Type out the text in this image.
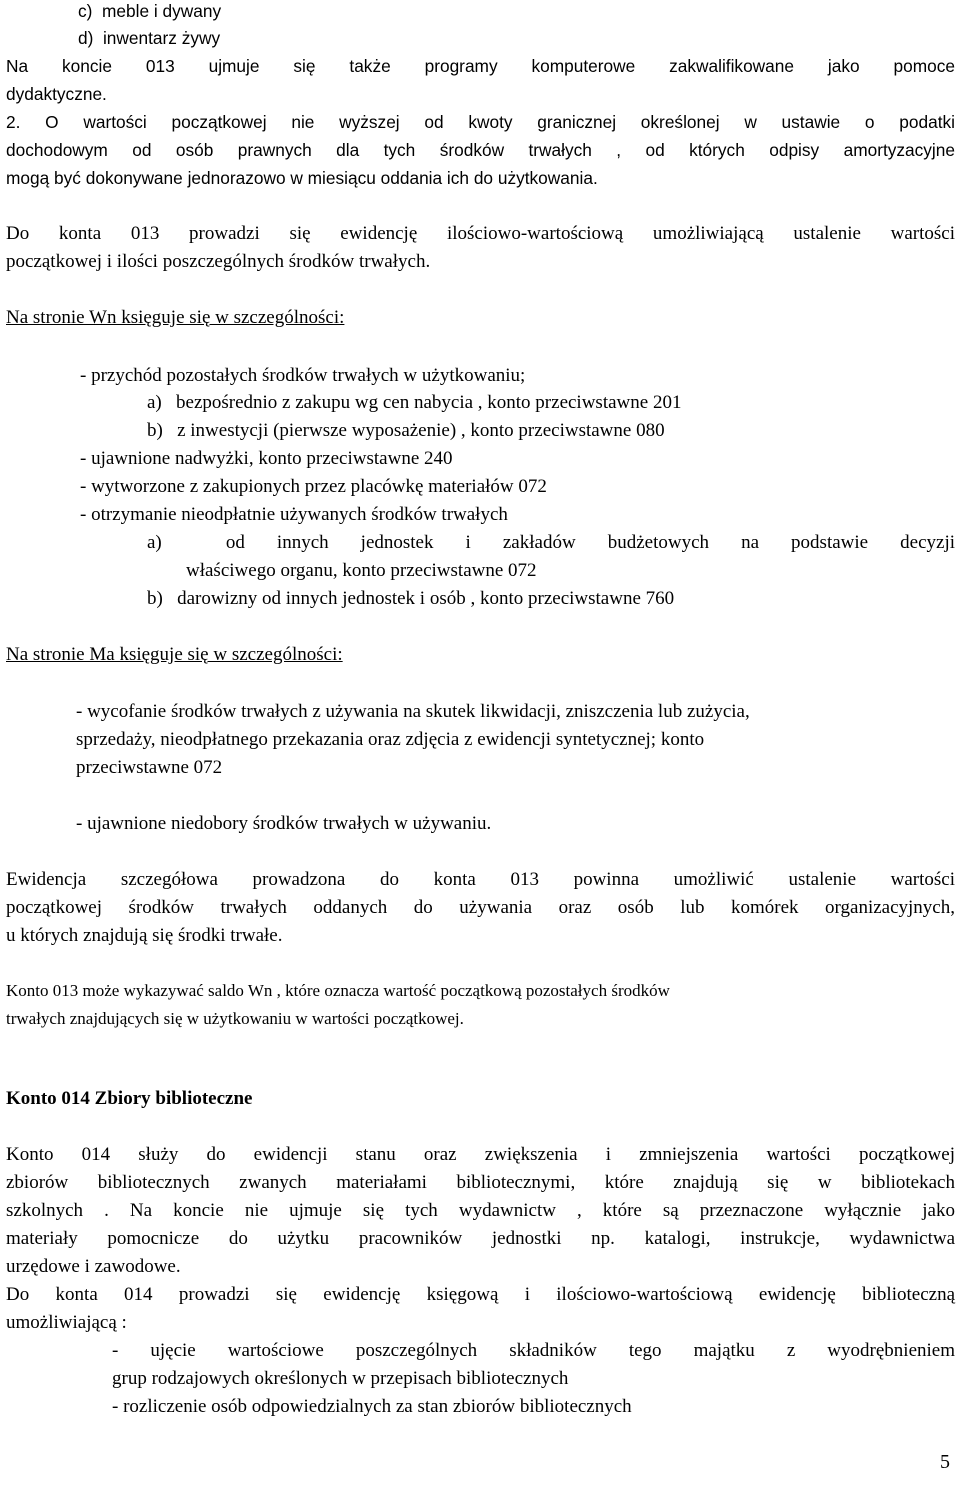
c)  meble i dywany
d)  inwentarz żywy
Na koncie 013 ujmuje się także programy komputerowe zakwalifikowane jako pomoce
dydaktyczne.
2. O wartości początkowej nie wyższej od kwoty granicznej określonej w ustawie o podatki
dochodowym od osób prawnych dla tych środków trwałych , od których odpisy amortyzacyjne
mogą być dokonywane jednorazowo w miesiącu oddania ich do użytkowania.
Do konta 013 prowadzi się ewidencję ilościowo-wartościową umożliwiającą ustalenie wartości
początkowej i ilości poszczególnych środków trwałych.
Na stronie Wn księguje się w szczególności:
- przychód pozostałych środków trwałych w użytkowaniu;
a)   bezpośrednio z zakupu wg cen nabycia , konto przeciwstawne 201
b)   z inwestycji (pierwsze wyposażenie) , konto przeciwstawne 080
- ujawnione nadwyżki, konto przeciwstawne 240
- wytworzone z zakupionych przez placówkę materiałów 072
- otrzymanie nieodpłatnie używanych środków trwałych
a)  od innych jednostek i zakładów budżetowych na podstawie decyzji
właściwego organu, konto przeciwstawne 072
b)   darowizny od innych jednostek i osób , konto przeciwstawne 760
Na stronie Ma księguje się w szczególności:
- wycofanie środków trwałych z używania na skutek likwidacji, zniszczenia lub zużycia,
sprzedaży, nieodpłatnego przekazania oraz zdjęcia z ewidencji syntetycznej; konto
przeciwstawne 072
- ujawnione niedobory środków trwałych w używaniu.
Ewidencja szczegółowa prowadzona do konta 013 powinna umożliwić ustalenie wartości
początkowej środków trwałych oddanych do używania oraz osób lub komórek organizacyjnych,
u których znajdują się środki trwałe.
Konto 013 może wykazywać saldo Wn , które oznacza wartość początkową pozostałych środków
trwałych znajdujących się w użytkowaniu w wartości początkowej.
Konto 014 Zbiory biblioteczne
Konto 014 służy do ewidencji stanu oraz zwiększenia i zmniejszenia wartości początkowej
zbiorów bibliotecznych zwanych materiałami bibliotecznymi, które znajdują się w bibliotekach
szkolnych . Na koncie nie ujmuje się tych wydawnictw , które są przeznaczone wyłącznie jako
materiały pomocnicze do użytku pracowników jednostki np. katalogi, instrukcje, wydawnictwa
urzędowe i zawodowe.
Do konta 014 prowadzi się ewidencję księgową i ilościowo-wartościową ewidencję biblioteczną
umożliwiającą :
- ujęcie wartościowe poszczególnych składników tego majątku z wyodrębnieniem
grup rodzajowych określonych w przepisach bibliotecznych
- rozliczenie osób odpowiedzialnych za stan zbiorów bibliotecznych
5
